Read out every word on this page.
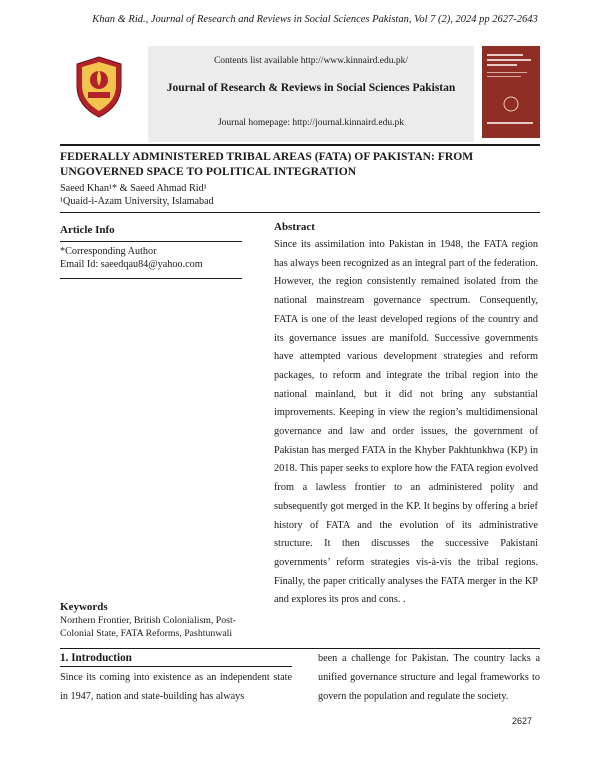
Khan & Rid., Journal of Research and Reviews in Social Sciences Pakistan, Vol 7 (2), 2024 pp 2627-2643
Contents list available http://www.kinnaird.edu.pk/
Journal of Research & Reviews in Social Sciences Pakistan
Journal homepage: http://journal.kinnaird.edu.pk
FEDERALLY ADMINISTERED TRIBAL AREAS (FATA) OF PAKISTAN: FROM UNGOVERNED SPACE TO POLITICAL INTEGRATION
Saeed Khan¹* & Saeed Ahmad Rid¹
¹Quaid-i-Azam University, Islamabad
Article Info
*Corresponding Author
Email Id: saeedqau84@yahoo.com
Keywords
Northern Frontier, British Colonialism, Post-Colonial State, FATA Reforms, Pashtunwali
Abstract
Since its assimilation into Pakistan in 1948, the FATA region has always been recognized as an integral part of the federation. However, the region consistently remained isolated from the national mainstream governance spectrum. Consequently, FATA is one of the least developed regions of the country and its governance issues are manifold. Successive governments have attempted various development strategies and reform packages, to reform and integrate the tribal region into the national mainland, but it did not bring any substantial improvements. Keeping in view the region’s multidimensional governance and law and order issues, the government of Pakistan has merged FATA in the Khyber Pakhtunkhwa (KP) in 2018. This paper seeks to explore how the FATA region evolved from a lawless frontier to an administered polity and subsequently got merged in the KP. It begins by offering a brief history of FATA and the evolution of its administrative structure. It then discusses the successive Pakistani governments’ reform strategies vis-à-vis the tribal regions. Finally, the paper critically analyses the FATA merger in the KP and explores its pros and cons. .
1. Introduction
Since its coming into existence as an independent state in 1947, nation and state-building has always
been a challenge for Pakistan. The country lacks a unified governance structure and legal frameworks to govern the population and regulate the society.
2627
